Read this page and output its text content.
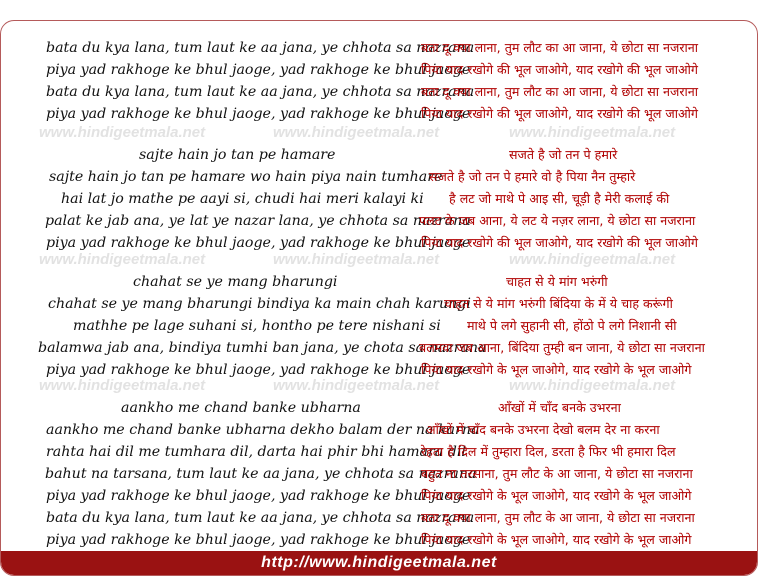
bata du kya lana, tum laut ke aa jana, ye chhota sa nazrana
piya yad rakhoge ke bhul jaoge, yad rakhoge ke bhul jaoge
bata du kya lana, tum laut ke aa jana, ye chhota sa nazrana
piya yad rakhoge ke bhul jaoge, yad rakhoge ke bhul jaoge
बता दू क्या लाना, तुम लौट का आ जाना, ये छोटा सा नजराना
पिया याद रखोगे की भूल जाओगे, याद रखोगे की भूल जाओगे
बता दू क्या लाना, तुम लौट का आ जाना, ये छोटा सा नजराना
पिया याद रखोगे की भूल जाओगे, याद रखोगे की भूल जाओगे
www.hindigeetmala.net	www.hindigeetmala.net	www.hindigeetmala.net
sajte hain jo tan pe hamare
sajte hain jo tan pe hamare wo hain piya nain tumhare
hai lat jo mathe pe aayi si, chudi hai meri kalayi ki
palat ke jab ana, ye lat ye nazar lana, ye chhota sa nazrana
piya yad rakhoge ke bhul jaoge, yad rakhoge ke bhul jaoge
सजते है जो तन पे हमारे
सजते है जो तन पे हमारे वो है पिया नैन तुम्हारे
है लट जो माथे पे आइ सी, चूड़ी है मेरी कलाई की
पलट के जब आना, ये लट ये नज़र लाना, ये छोटा सा नजराना
पिया याद रखोगे की भूल जाओगे, याद रखोगे की भूल जाओगे
www.hindigeetmala.net	www.hindigeetmala.net	www.hindigeetmala.net
chahat se ye mang bharungi
chahat se ye mang bharungi bindiya ka main chah karungi
mathhe pe lage suhani si, hontho pe tere nishani si
balamwa jab ana, bindiya tumhi ban jana, ye chota sa nazrana
piya yad rakhoge ke bhul jaoge, yad rakhoge ke bhul jaoge
चाहत से ये मांग भरुंगी
चाहत से ये मांग भरुंगी बिंदिया के में ये चाह करूंगी
माथे पे लगे सुहानी सी, होंठो पे लगे निशानी सी
बलमवा जब आना, बिंदिया तुम्ही बन जाना, ये छोटा सा नजराना
पिया याद रखोगे के भूल जाओगे, याद रखोगे के भूल जाओगे
www.hindigeetmala.net	www.hindigeetmala.net	www.hindigeetmala.net
aankho me chand banke ubharna
aankho me chand banke ubharna dekho balam der na karna
rahta hai dil me tumhara dil, darta hai phir bhi hamara dil
bahut na tarsana, tum laut ke aa jana, ye chhota sa nazrana
piya yad rakhoge ke bhul jaoge, yad rakhoge ke bhul jaoge
bata du kya lana, tum laut ke aa jana, ye chhota sa nazrana
piya yad rakhoge ke bhul jaoge, yad rakhoge ke bhul jaoge
आँखों में चाँद बनके उभरना
आँखों में चाँद बनके उभरना देखो बलम देर ना करना
रेहता है दिल में तुम्हारा दिल, डरता है फिर भी हमारा दिल
बहुत ना तरसाना, तुम लौट के आ जाना, ये छोटा सा नजराना
पिया याद रखोगे के भूल जाओगे, याद रखोगे के भूल जाओगे
बता दू क्या लाना, तुम लौट के आ जाना, ये छोटा सा नजराना
पिया याद रखोगे के भूल जाओगे, याद रखोगे के भूल जाओगे
http://www.hindigeetmala.net
